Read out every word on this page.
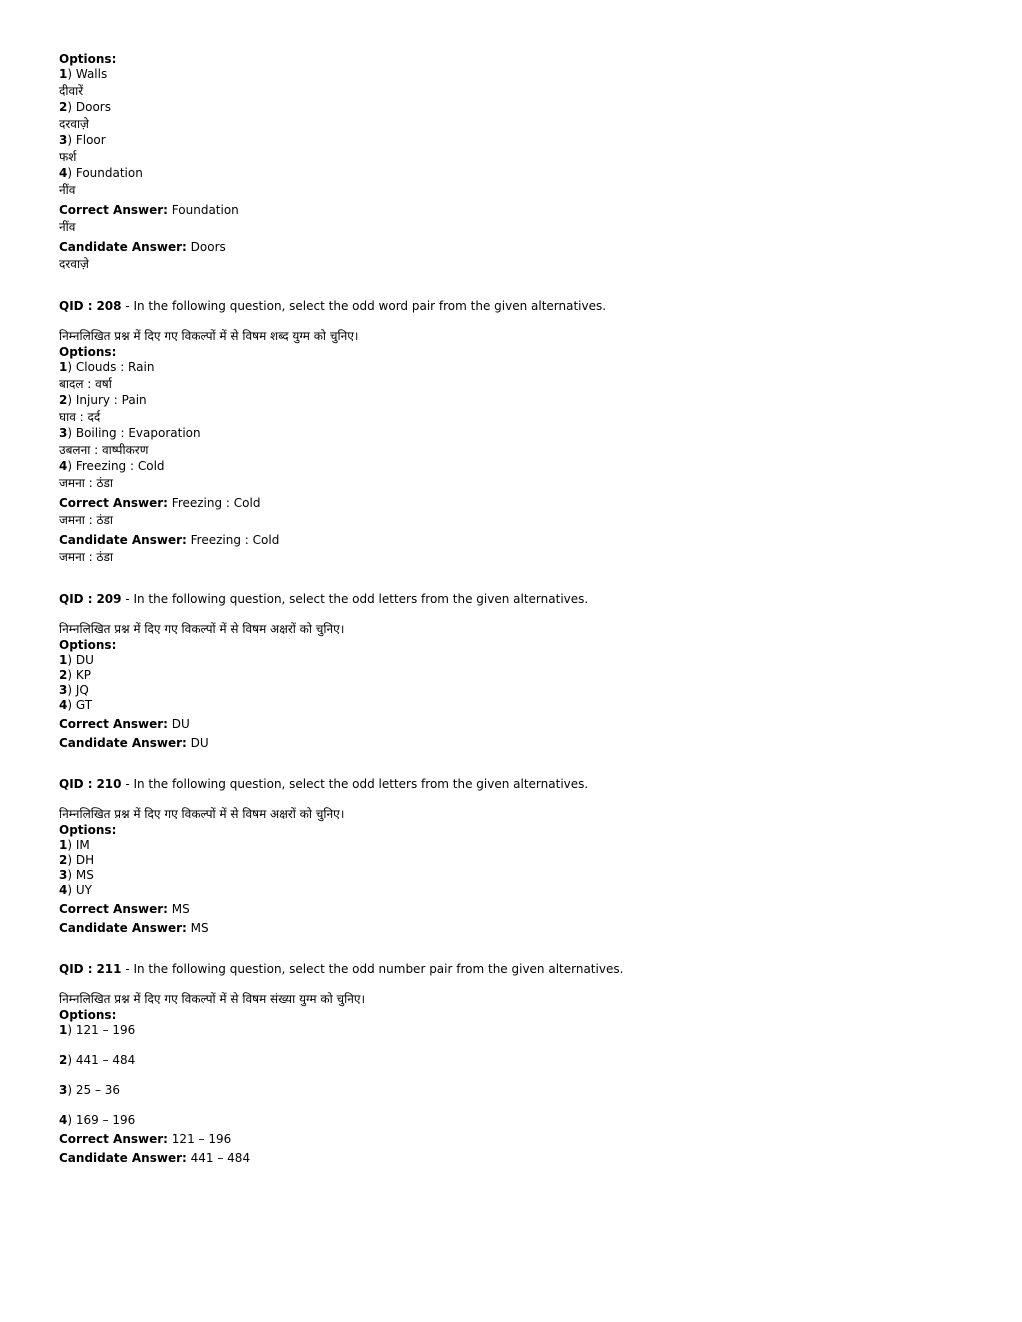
Options:
1) Walls
दीवारें
2) Doors
दरवाज़े
3) Floor
फर्श
4) Foundation
नींव
Correct Answer: Foundation
नींव
Candidate Answer: Doors
दरवाज़े
QID : 208 - In the following question, select the odd word pair from the given alternatives.
निम्नलिखित प्रश्न में दिए गए विकल्पों में से विषम शब्द युग्म को चुनिए।
Options:
1) Clouds : Rain
बादल : वर्षा
2) Injury : Pain
घाव : दर्द
3) Boiling : Evaporation
उबलना : वाष्पीकरण
4) Freezing : Cold
जमना : ठंडा
Correct Answer: Freezing : Cold
जमना : ठंडा
Candidate Answer: Freezing : Cold
जमना : ठंडा
QID : 209 - In the following question, select the odd letters from the given alternatives.
निम्नलिखित प्रश्न में दिए गए विकल्पों में से विषम अक्षरों को चुनिए।
Options:
1) DU
2) KP
3) JQ
4) GT
Correct Answer: DU
Candidate Answer: DU
QID : 210 - In the following question, select the odd letters from the given alternatives.
निम्नलिखित प्रश्न में दिए गए विकल्पों में से विषम अक्षरों को चुनिए।
Options:
1) IM
2) DH
3) MS
4) UY
Correct Answer: MS
Candidate Answer: MS
QID : 211 - In the following question, select the odd number pair from the given alternatives.
निम्नलिखित प्रश्न में दिए गए विकल्पों में से विषम संख्या युग्म को चुनिए।
Options:
1) 121 – 196
2) 441 – 484
3) 25 – 36
4) 169 – 196
Correct Answer: 121 – 196
Candidate Answer: 441 – 484
